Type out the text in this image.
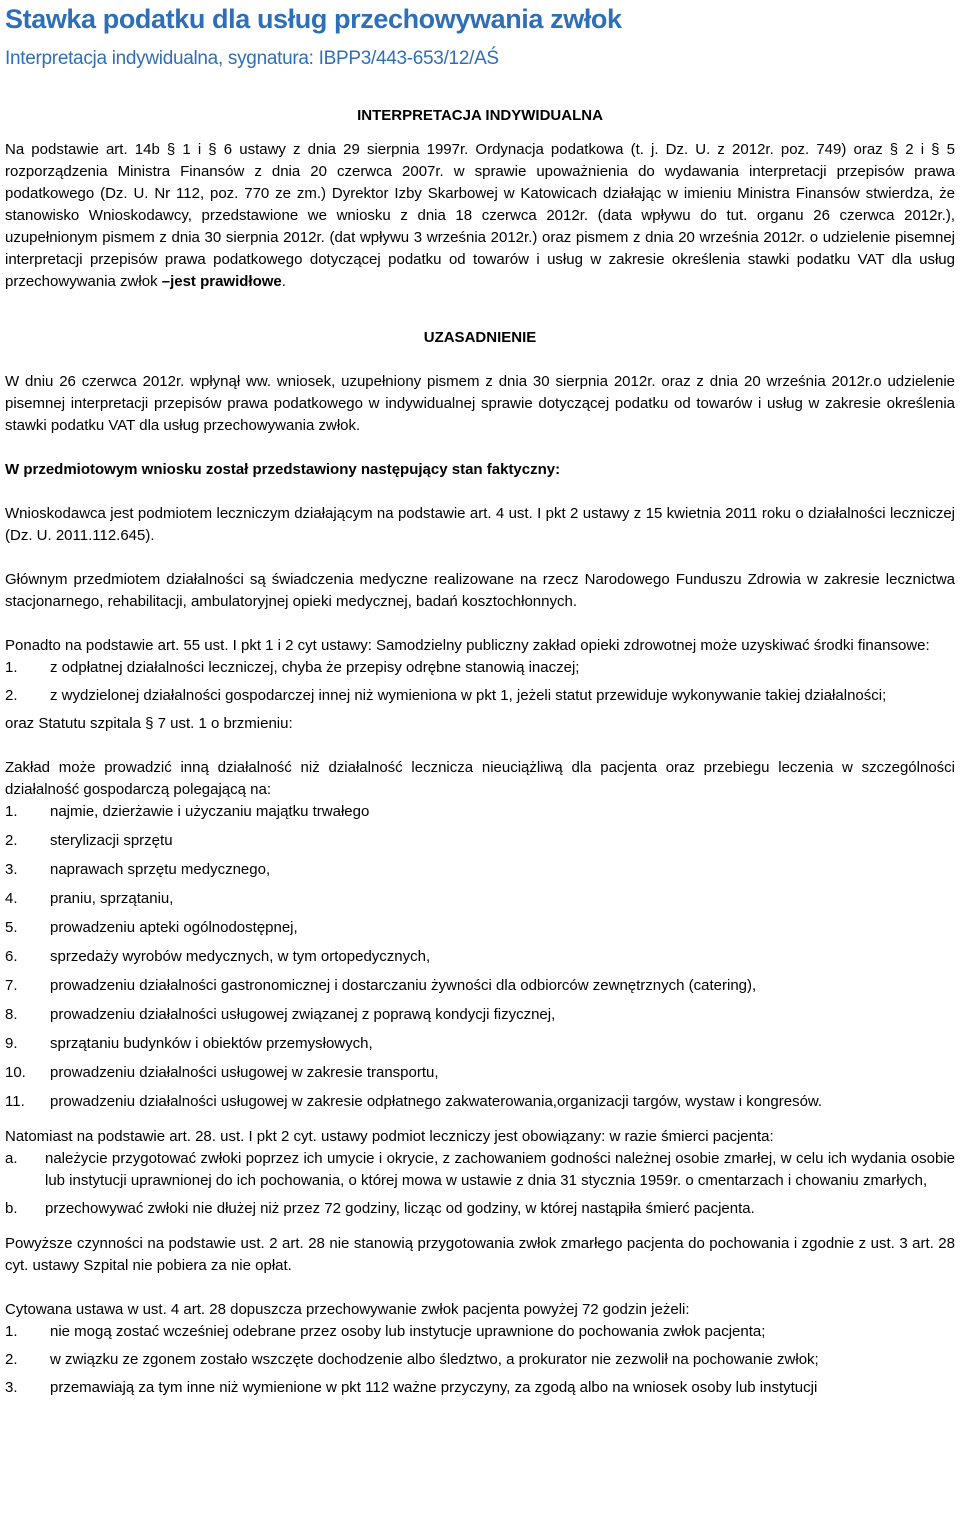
Stawka podatku dla usług przechowywania zwłok
Interpretacja indywidualna, sygnatura: IBPP3/443-653/12/AŚ

INTERPRETACJA INDYWIDUALNA

Na podstawie art. 14b § 1 i § 6 ustawy z dnia 29 sierpnia 1997r. Ordynacja podatkowa (t. j. Dz. U. z 2012r. poz. 749) oraz § 2 i § 5 rozporządzenia Ministra Finansów z dnia 20 czerwca 2007r. w sprawie upoważnienia do wydawania interpretacji przepisów prawa podatkowego (Dz. U. Nr 112, poz. 770 ze zm.) Dyrektor Izby Skarbowej w Katowicach działając w imieniu Ministra Finansów stwierdza, że stanowisko Wnioskodawcy, przedstawione we wniosku z dnia 18 czerwca 2012r. (data wpływu do tut. organu 26 czerwca 2012r.), uzupełnionym pismem z dnia 30 sierpnia 2012r. (dat wpływu 3 września 2012r.) oraz pismem z dnia 20 września 2012r. o udzielenie pisemnej interpretacji przepisów prawa podatkowego dotyczącej podatku od towarów i usług w zakresie określenia stawki podatku VAT dla usług przechowywania zwłok –jest prawidłowe.

UZASADNIENIE

W dniu 26 czerwca 2012r. wpłynął ww. wniosek, uzupełniony pismem z dnia 30 sierpnia 2012r. oraz z dnia 20 września 2012r.o udzielenie pisemnej interpretacji przepisów prawa podatkowego w indywidualnej sprawie dotyczącej podatku od towarów i usług w zakresie określenia stawki podatku VAT dla usług przechowywania zwłok.

W przedmiotowym wniosku został przedstawiony następujący stan faktyczny:

Wnioskodawca jest podmiotem leczniczym działającym na podstawie art. 4 ust. I pkt 2 ustawy z 15 kwietnia 2011 roku o działalności leczniczej (Dz. U. 2011.112.645).

Głównym przedmiotem działalności są świadczenia medyczne realizowane na rzecz Narodowego Funduszu Zdrowia w zakresie lecznictwa stacjonarnego, rehabilitacji, ambulatoryjnej opieki medycznej, badań kosztochłonnych.

Ponadto na podstawie art. 55 ust. I pkt 1 i 2 cyt ustawy: Samodzielny publiczny zakład opieki zdrowotnej może uzyskiwać środki finansowe:

1.	z odpłatnej działalności leczniczej, chyba że przepisy odrębne stanowią inaczej;
2.	z wydzielonej działalności gospodarczej innej niż wymieniona w pkt 1, jeżeli statut przewiduje wykonywanie takiej działalności;

oraz Statutu szpitala § 7 ust. 1 o brzmieniu:

Zakład może prowadzić inną działalność niż działalność lecznicza nieuciążliwą dla pacjenta oraz przebiegu leczenia w szczególności działalność gospodarczą polegającą na:

1.	najmie, dzierżawie i użyczaniu majątku trwałego
2.	sterylizacji sprzętu
3.	naprawach sprzętu medycznego,
4.	praniu, sprzątaniu,
5.	prowadzeniu apteki ogólnodostępnej,
6.	sprzedaży wyrobów medycznych, w tym ortopedycznych,
7.	prowadzeniu działalności gastronomicznej i dostarczaniu żywności dla odbiorców zewnętrznych (catering),
8.	prowadzeniu działalności usługowej związanej z poprawą kondycji fizycznej,
9.	sprzątaniu budynków i obiektów przemysłowych,
10.	prowadzeniu działalności usługowej w zakresie transportu,
11.	prowadzeniu działalności usługowej w zakresie odpłatnego zakwaterowania,organizacji targów, wystaw i kongresów.

Natomiast na podstawie art. 28. ust. I pkt 2 cyt. ustawy podmiot leczniczy jest obowiązany: w razie śmierci pacjenta:

a.	należycie przygotować zwłoki poprzez ich umycie i okrycie, z zachowaniem godności należnej osobie zmarłej, w celu ich wydania osobie lub instytucji uprawnionej do ich pochowania, o której mowa w ustawie z dnia 31 stycznia 1959r. o cmentarzach i chowaniu zmarłych,
b.	przechowywać zwłoki nie dłużej niż przez 72 godziny, licząc od godziny, w której nastąpiła śmierć pacjenta.

Powyższe czynności na podstawie ust. 2 art. 28 nie stanowią przygotowania zwłok zmarłego pacjenta do pochowania i zgodnie z ust. 3 art. 28 cyt. ustawy Szpital nie pobiera za nie opłat.

Cytowana ustawa w ust. 4 art. 28 dopuszcza przechowywanie zwłok pacjenta powyżej 72 godzin jeżeli:

1.	nie mogą zostać wcześniej odebrane przez osoby lub instytucje uprawnione do pochowania zwłok pacjenta;
2.	w związku ze zgonem zostało wszczęte dochodzenie albo śledztwo, a prokurator nie zezwolił na pochowanie zwłok;
3.	przemawiają za tym inne niż wymienione w pkt 112 ważne przyczyny, za zgodą albo na wniosek osoby lub instytucji
